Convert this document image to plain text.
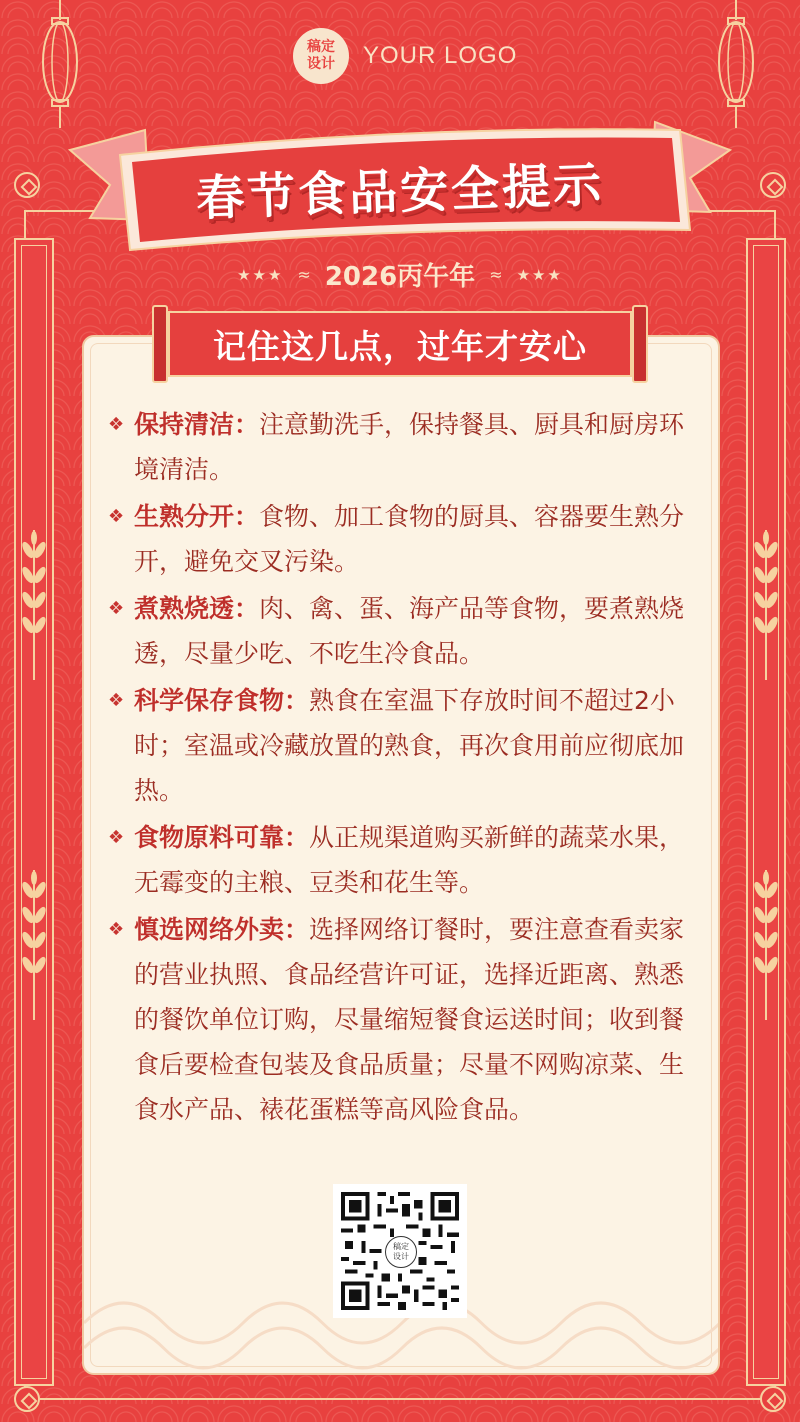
稿定
设计 YOUR LOGO
春节食品安全提示
★★★ ≈ 2026丙午年 ≈ ★★★
记住这几点，过年才安心
❖ 保持清洁：注意勤洗手，保持餐具、厨具和厨房环境清洁。
❖ 生熟分开：食物、加工食物的厨具、容器要生熟分开，避免交叉污染。
❖ 煮熟烧透：肉、禽、蛋、海产品等食物，要煮熟烧透，尽量少吃、不吃生冷食品。
❖ 科学保存食物：熟食在室温下存放时间不超过2小时；室温或冷藏放置的熟食，再次食用前应彻底加热。
❖ 食物原料可靠：从正规渠道购买新鲜的蔬菜水果，无霉变的主粮、豆类和花生等。
❖ 慎选网络外卖：选择网络订餐时，要注意查看卖家的营业执照、食品经营许可证，选择近距离、熟悉的餐饮单位订购，尽量缩短餐食运送时间；收到餐食后要检查包装及食品质量；尽量不网购凉菜、生食水产品、裱花蛋糕等高风险食品。
稿定
设计
